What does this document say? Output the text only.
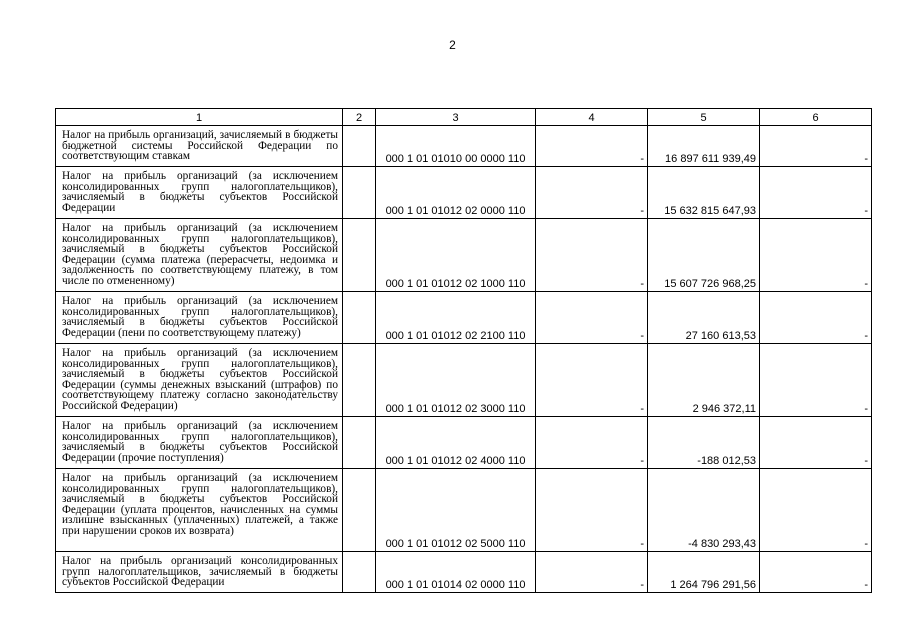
2
1	2	3	4	5	6
Налог на прибыль организаций, зачисляемый в бюджеты бюджетной системы Российской Федерации по соответствующим ставкам		000 1 01 01010 00 0000 110	-	16 897 611 939,49	-
Налог на прибыль организаций (за исключением консолидированных групп налогоплательщиков), зачисляемый в бюджеты субъектов Российской Федерации		000 1 01 01012 02 0000 110	-	15 632 815 647,93	-
Налог на прибыль организаций (за исключением консолидированных групп налогоплательщиков), зачисляемый в бюджеты субъектов Российской Федерации (сумма платежа (перерасчеты, недоимка и задолженность по соответствующему платежу, в том числе по отмененному)		000 1 01 01012 02 1000 110	-	15 607 726 968,25	-
Налог на прибыль организаций (за исключением консолидированных групп налогоплательщиков), зачисляемый в бюджеты субъектов Российской Федерации (пени по соответствующему платежу)		000 1 01 01012 02 2100 110	-	27 160 613,53	-
Налог на прибыль организаций (за исключением консолидированных групп налогоплательщиков), зачисляемый в бюджеты субъектов Российской Федерации (суммы денежных взысканий (штрафов) по соответствующему платежу согласно законодательству Российской Федерации)		000 1 01 01012 02 3000 110	-	2 946 372,11	-
Налог на прибыль организаций (за исключением консолидированных групп налогоплательщиков), зачисляемый в бюджеты субъектов Российской Федерации (прочие поступления)		000 1 01 01012 02 4000 110	-	-188 012,53	-
Налог на прибыль организаций (за исключением консолидированных групп налогоплательщиков), зачисляемый в бюджеты субъектов Российской Федерации (уплата процентов, начисленных на суммы излишне взысканных (уплаченных) платежей, а также при нарушении сроков их возврата)		000 1 01 01012 02 5000 110	-	-4 830 293,43	-
Налог на прибыль организаций консолидированных групп налогоплательщиков, зачисляемый в бюджеты субъектов Российской Федерации		000 1 01 01014 02 0000 110	-	1 264 796 291,56	-
